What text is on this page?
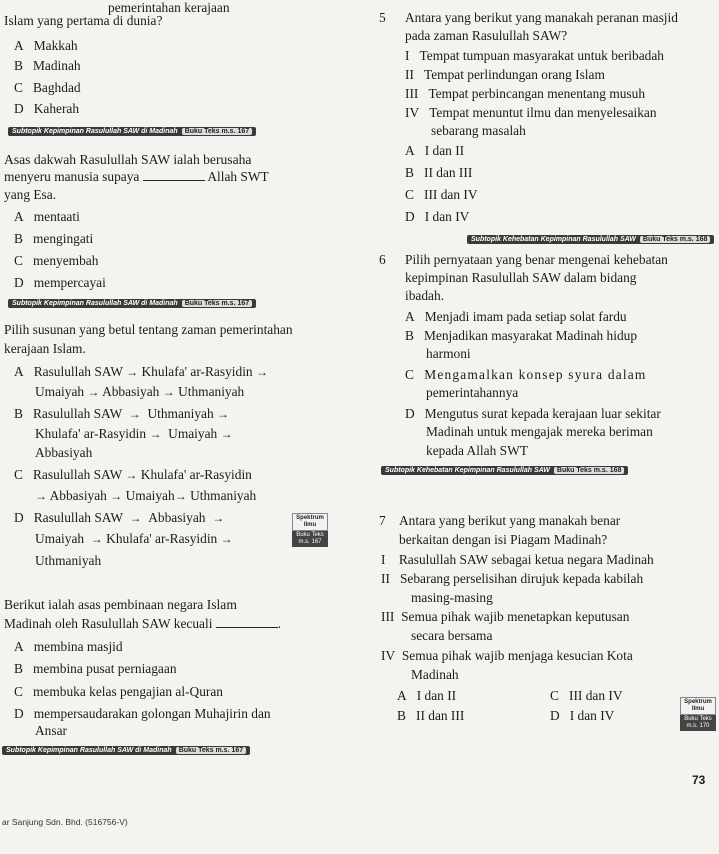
pemerintahan kerajaan
Islam yang pertama di dunia?
A Makkah
B Madinah
C Baghdad
D Kaherah
Subtopik Kepimpinan Rasulullah SAW di Madinah Buku Teks m.s. 167
Asas dakwah Rasulullah SAW ialah berusaha
menyeru manusia supaya	Allah SWT
yang Esa.
A mentaati
B mengingati
C menyembah
D mempercayai
Subtopik Kepimpinan Rasulullah SAW di Madinah Buku Teks m.s. 167
Pilih susunan yang betul tentang zaman pemerintahan
kerajaan Islam.
A   Rasulullah SAW → Khulafa' ar-Rasyidin →
Umaiyah → Abbasiyah → Uthmaniyah
B   Rasulullah SAW → Uthmaniyah →
Khulafa' ar-Rasyidin → Umaiyah →
Abbasiyah
C   Rasulullah SAW → Khulafa' ar-Rasyidin
→ Abbasiyah → Umaiyah→ Uthmaniyah
D   Rasulullah SAW → Abbasiyah →
Umaiyah → Khulafa' ar-Rasyidin →
Uthmaniyah
Spektrum Ilmu
Buku Teks m.s. 167
Berikut ialah asas pembinaan negara Islam
Madinah oleh Rasulullah SAW kecuali	.
A membina masjid
B membina pusat perniagaan
C membuka kelas pengajian al-Quran
D mempersaudarakan golongan Muhajirin dan
Ansar
Subtopik Kepimpinan Rasulullah SAW di Madinah Buku Teks m.s. 167
ar Sanjung Sdn. Bhd. (516756-V)
5 Antara yang berikut yang manakah peranan masjid
pada zaman Rasulullah SAW?
I Tempat tumpuan masyarakat untuk beribadah
II Tempat perlindungan orang Islam
III Tempat perbincangan menentang musuh
IV Tempat menuntut ilmu dan menyelesaikan
sebarang masalah
A I dan II
B II dan III
C III dan IV
D I dan IV
Subtopik Kehebatan Kepimpinan Rasulullah SAW Buku Teks m.s. 168
6 Pilih pernyataan yang benar mengenai kehebatan
kepimpinan Rasulullah SAW dalam bidang
ibadah.
A Menjadi imam pada setiap solat fardu
B Menjadikan masyarakat Madinah hidup
harmoni
C Mengamalkan konsep syura dalam
pemerintahannya
D Mengutus surat kepada kerajaan luar sekitar
Madinah untuk mengajak mereka beriman
kepada Allah SWT
Subtopik Kehebatan Kepimpinan Rasulullah SAW Buku Teks m.s. 168
7 Antara yang berikut yang manakah benar
berkaitan dengan isi Piagam Madinah?
I Rasulullah SAW sebagai ketua negara Madinah
II Sebarang perselisihan dirujuk kepada kabilah
masing-masing
III Semua pihak wajib menetapkan keputusan
secara bersama
IV Semua pihak wajib menjaga kesucian Kota
Madinah
A I dan II
B II dan III
C III dan IV
D I dan IV
Spektrum Ilmu
Buku Teks m.s. 170
73
